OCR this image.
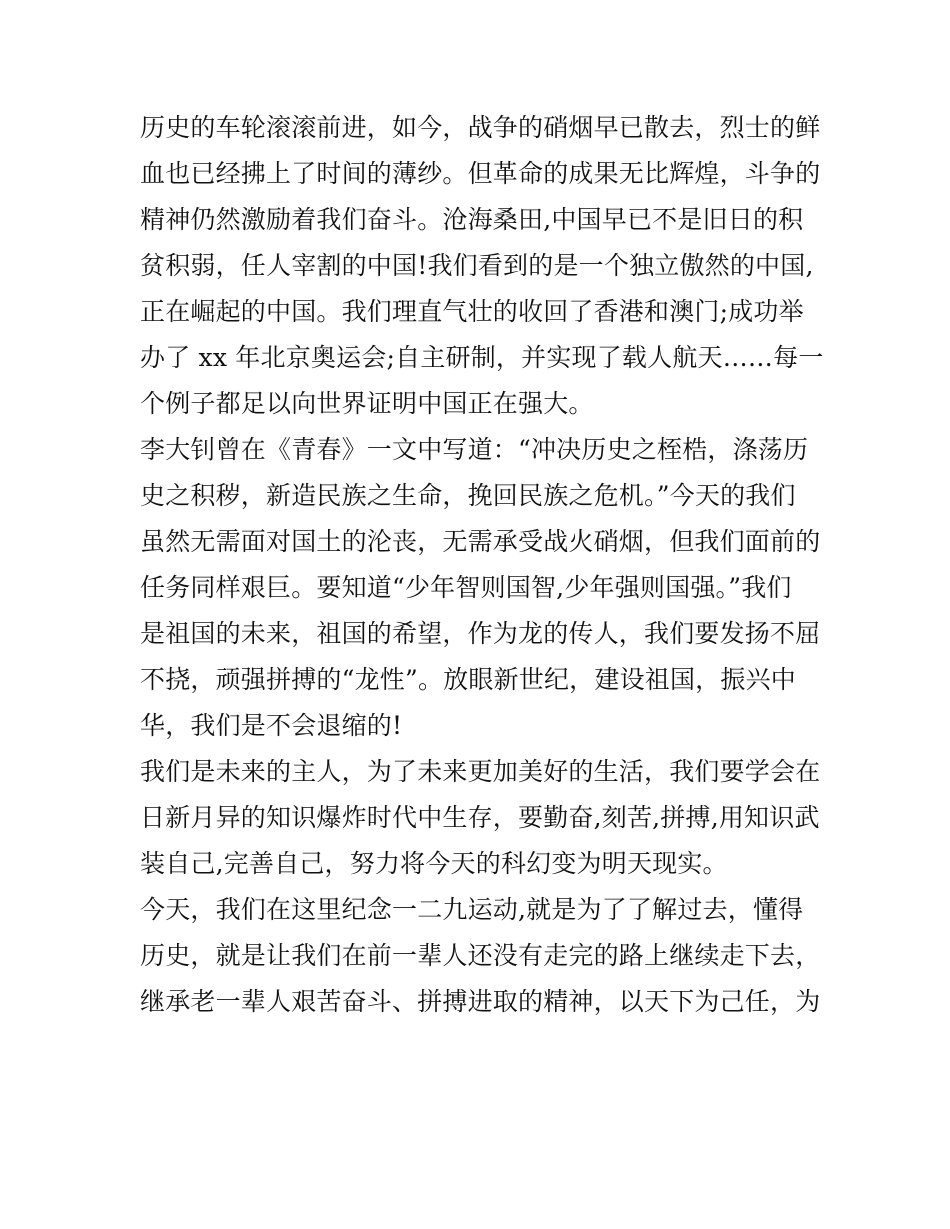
历史的车轮滚滚前进，如今，战争的硝烟早已散去，烈士的鲜
血也已经拂上了时间的薄纱。但革命的成果无比辉煌，斗争的
精神仍然激励着我们奋斗。沧海桑田,中国早已不是旧日的积
贫积弱，任人宰割的中国!我们看到的是一个独立傲然的中国,
正在崛起的中国。我们理直气壮的收回了香港和澳门;成功举
办了 xx 年北京奥运会;自主研制，并实现了载人航天……每一
个例子都足以向世界证明中国正在强大。
李大钊曾在《青春》一文中写道：“冲决历史之桎梏，涤荡历
史之积秽，新造民族之生命，挽回民族之危机。”今天的我们
虽然无需面对国土的沦丧，无需承受战火硝烟，但我们面前的
任务同样艰巨。要知道“少年智则国智,少年强则国强。”我们
是祖国的未来，祖国的希望，作为龙的传人，我们要发扬不屈
不挠，顽强拼搏的“龙性”。放眼新世纪，建设祖国，振兴中
华，我们是不会退缩的!
我们是未来的主人，为了未来更加美好的生活，我们要学会在
日新月异的知识爆炸时代中生存，要勤奋,刻苦,拼搏,用知识武
装自己,完善自己，努力将今天的科幻变为明天现实。
今天，我们在这里纪念一二九运动,就是为了了解过去，懂得
历史，就是让我们在前一辈人还没有走完的路上继续走下去，
继承老一辈人艰苦奋斗、拼搏进取的精神，以天下为己任，为
